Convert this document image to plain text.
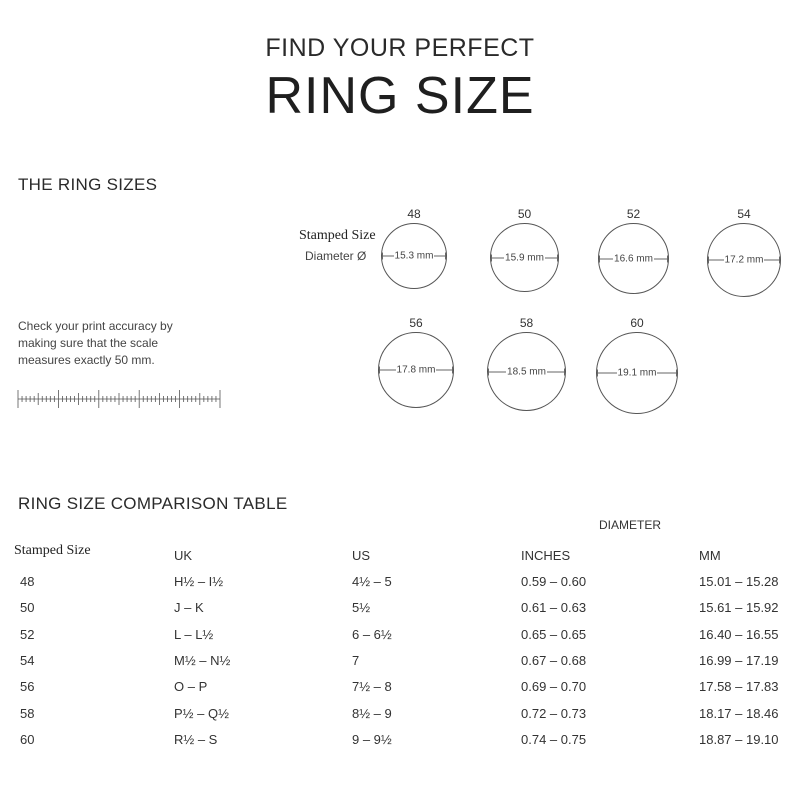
FIND YOUR PERFECT
RING SIZE
THE RING SIZES
Stamped Size
Diameter Ø
Check your print accuracy by making sure that the scale measures exactly 50 mm.
48
15.3 mm
50
15.9 mm
52
16.6 mm
54
17.2 mm
56
17.8 mm
58
18.5 mm
60
19.1 mm
RING SIZE COMPARISON TABLE
DIAMETER
Stamped Size	UK	US	INCHES	MM
48	H½ – I½	4½ – 5	0.59 – 0.60	15.01 – 15.28
50	J – K	5½	0.61 – 0.63	15.61 – 15.92
52	L – L½	6 – 6½	0.65 – 0.65	16.40 – 16.55
54	M½ – N½	7	0.67 – 0.68	16.99 – 17.19
56	O – P	7½ – 8	0.69 – 0.70	17.58 – 17.83
58	P½ – Q½	8½ – 9	0.72 – 0.73	18.17 – 18.46
60	R½ – S	9 – 9½	0.74 – 0.75	18.87 – 19.10
